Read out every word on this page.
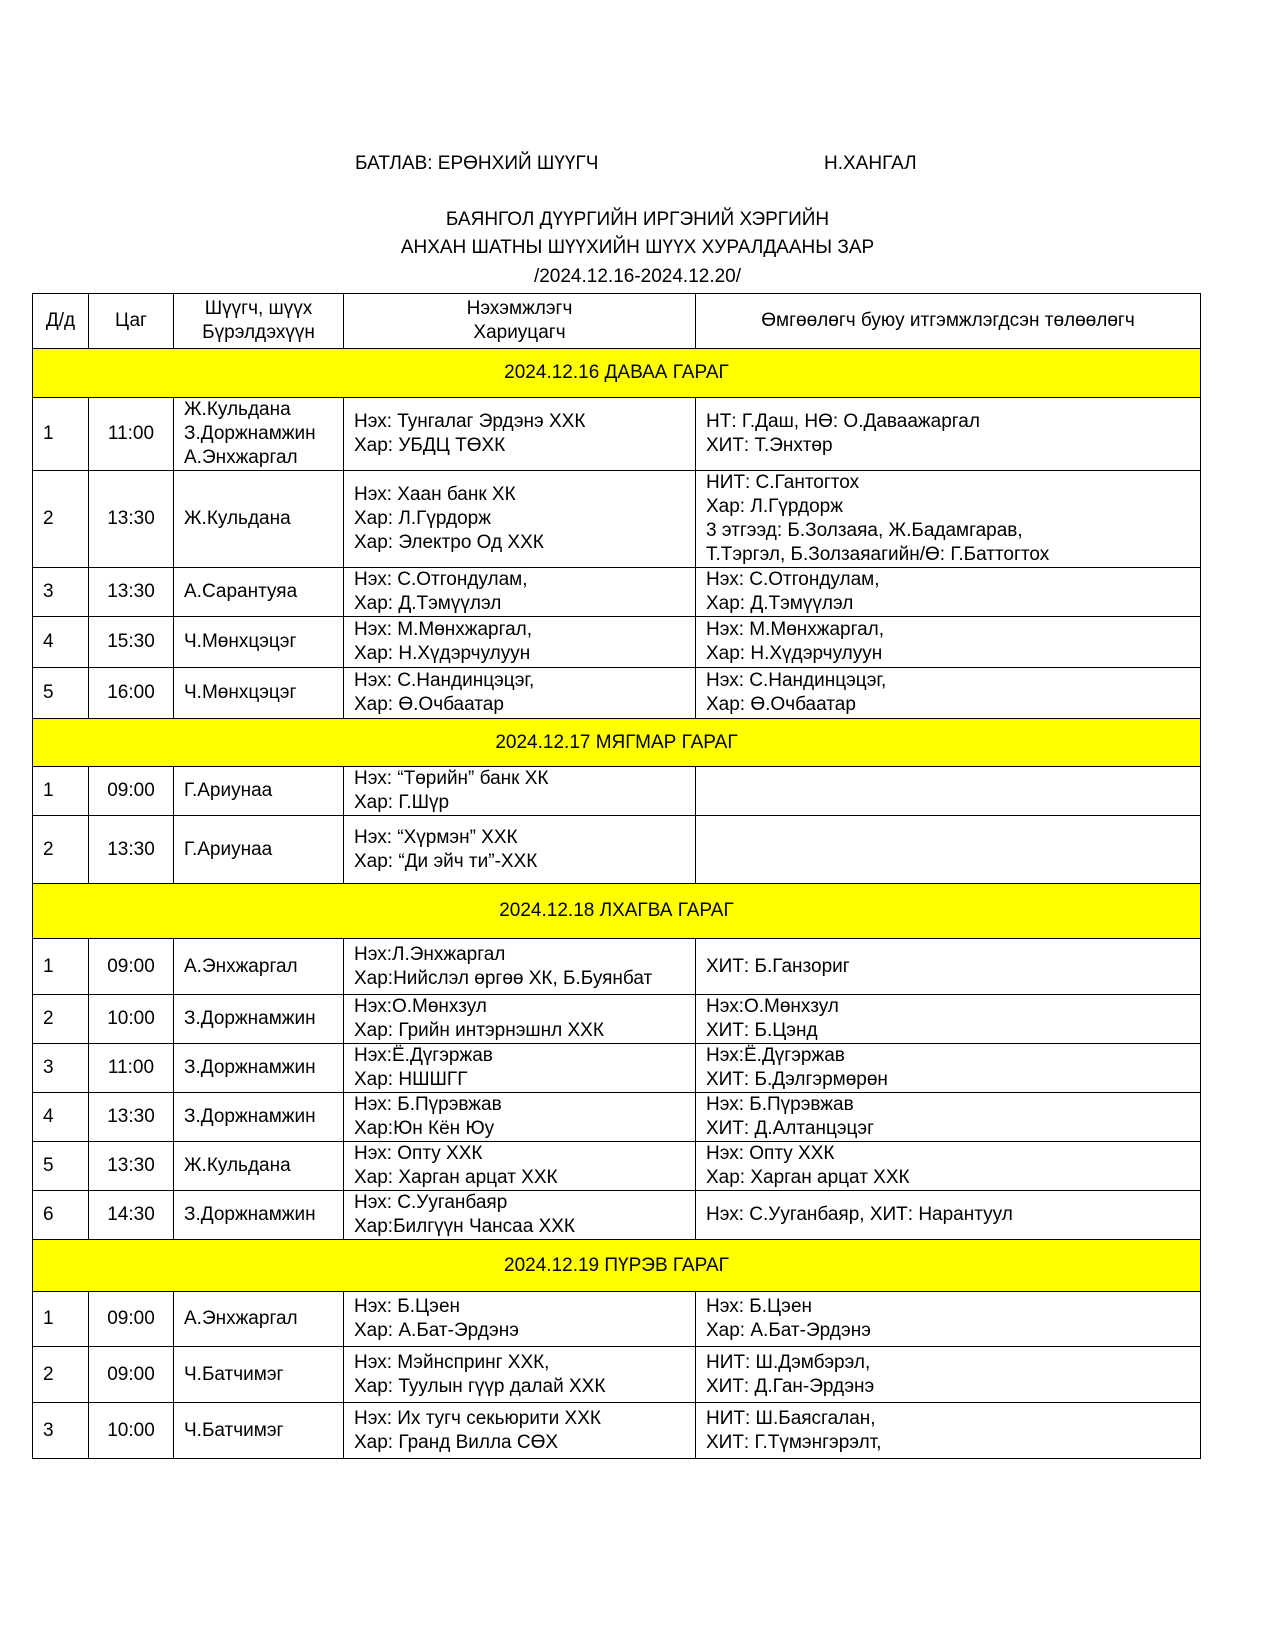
БАТЛАВ: ЕРӨНХИЙ ШҮҮГЧ	Н.ХАНГАЛ
БАЯНГОЛ ДҮҮРГИЙН ИРГЭНИЙ ХЭРГИЙН
АНХАН ШАТНЫ ШҮҮХИЙН ШҮҮХ ХУРАЛДААНЫ ЗАР
/2024.12.16-2024.12.20/
Д/д	Цаг	Шүүгч, шүүх
Бүрэлдэхүүн	Нэхэмжлэгч
Хариуцагч	Өмгөөлөгч буюу итгэмжлэгдсэн төлөөлөгч
2024.12.16 ДАВАА ГАРАГ				
1	11:00	Ж.Кульдана
З.Доржнамжин
А.Энхжаргал	Нэх: Тунгалаг Эрдэнэ ХХК
Хар: УБДЦ ТӨХК	НТ: Г.Даш, НӨ: О.Даваажаргал
ХИТ: Т.Энхтөр

2	13:30	Ж.Кульдана	Нэх: Хаан банк ХК
Хар: Л.Гүрдорж
Хар: Электро Од ХХК	НИТ: С.Гантогтох
Хар: Л.Гүрдорж
3 этгээд: Б.Золзаяа, Ж.Бадамгарав,
Т.Тэргэл, Б.Золзаяагийн/Ө: Г.Баттогтох

3	13:30	А.Сарантуяа	Нэх: С.Отгондулам,
Хар: Д.Тэмүүлэл	Нэх: С.Отгондулам,
Хар: Д.Тэмүүлэл

4	15:30	Ч.Мөнхцэцэг	Нэх: М.Мөнхжаргал,
Хар: Н.Хүдэрчулуун	Нэх: М.Мөнхжаргал,
Хар: Н.Хүдэрчулуун

5	16:00	Ч.Мөнхцэцэг	Нэх: С.Нандинцэцэг,
Хар: Ө.Очбаатар	Нэх: С.Нандинцэцэг,
Хар: Ө.Очбаатар

2024.12.17 МЯГМАР ГАРАГ				
1	09:00	Г.Ариунаа	Нэх: “Төрийн” банк ХК
Хар: Г.Шүр	

2	13:30	Г.Ариунаа	Нэх: “Хүрмэн” ХХК
Хар: “Ди эйч ти”-ХХК	

2024.12.18 ЛХАГВА ГАРАГ				
1	09:00	А.Энхжаргал	Нэх:Л.Энхжаргал
Хар:Нийслэл өргөө ХК, Б.Буянбат	ХИТ: Б.Ганзориг

2	10:00	З.Доржнамжин	Нэх:О.Мөнхзул
Хар: Грийн интэрнэшнл ХХК	Нэх:О.Мөнхзул
ХИТ: Б.Цэнд

3	11:00	З.Доржнамжин	Нэх:Ё.Дүгэржав
Хар: НШШГГ	Нэх:Ё.Дүгэржав
ХИТ: Б.Дэлгэрмөрөн

4	13:30	З.Доржнамжин	Нэх: Б.Пүрэвжав
Хар:Юн Кён Юу	Нэх: Б.Пүрэвжав
ХИТ: Д.Алтанцэцэг

5	13:30	Ж.Кульдана	Нэх: Опту ХХК
Хар: Харган арцат ХХК	Нэх: Опту ХХК
Хар: Харган арцат ХХК

6	14:30	З.Доржнамжин	Нэх: С.Ууганбаяр
Хар:Билгүүн Чансаа ХХК	Нэх: С.Ууганбаяр, ХИТ: Нарантуул

2024.12.19 ПҮРЭВ ГАРАГ				
1	09:00	А.Энхжаргал	Нэх: Б.Цэен
Хар: А.Бат-Эрдэнэ	Нэх: Б.Цэен
Хар: А.Бат-Эрдэнэ

2	09:00	Ч.Батчимэг	Нэх: Мэйнспринг ХХК,
Хар: Туулын гүүр далай ХХК	НИТ: Ш.Дэмбэрэл,
ХИТ: Д.Ган-Эрдэнэ

3	10:00	Ч.Батчимэг	Нэх: Их тугч секьюрити ХХК
Хар: Гранд Вилла СӨХ	НИТ: Ш.Баясгалан,
ХИТ: Г.Түмэнгэрэлт,
